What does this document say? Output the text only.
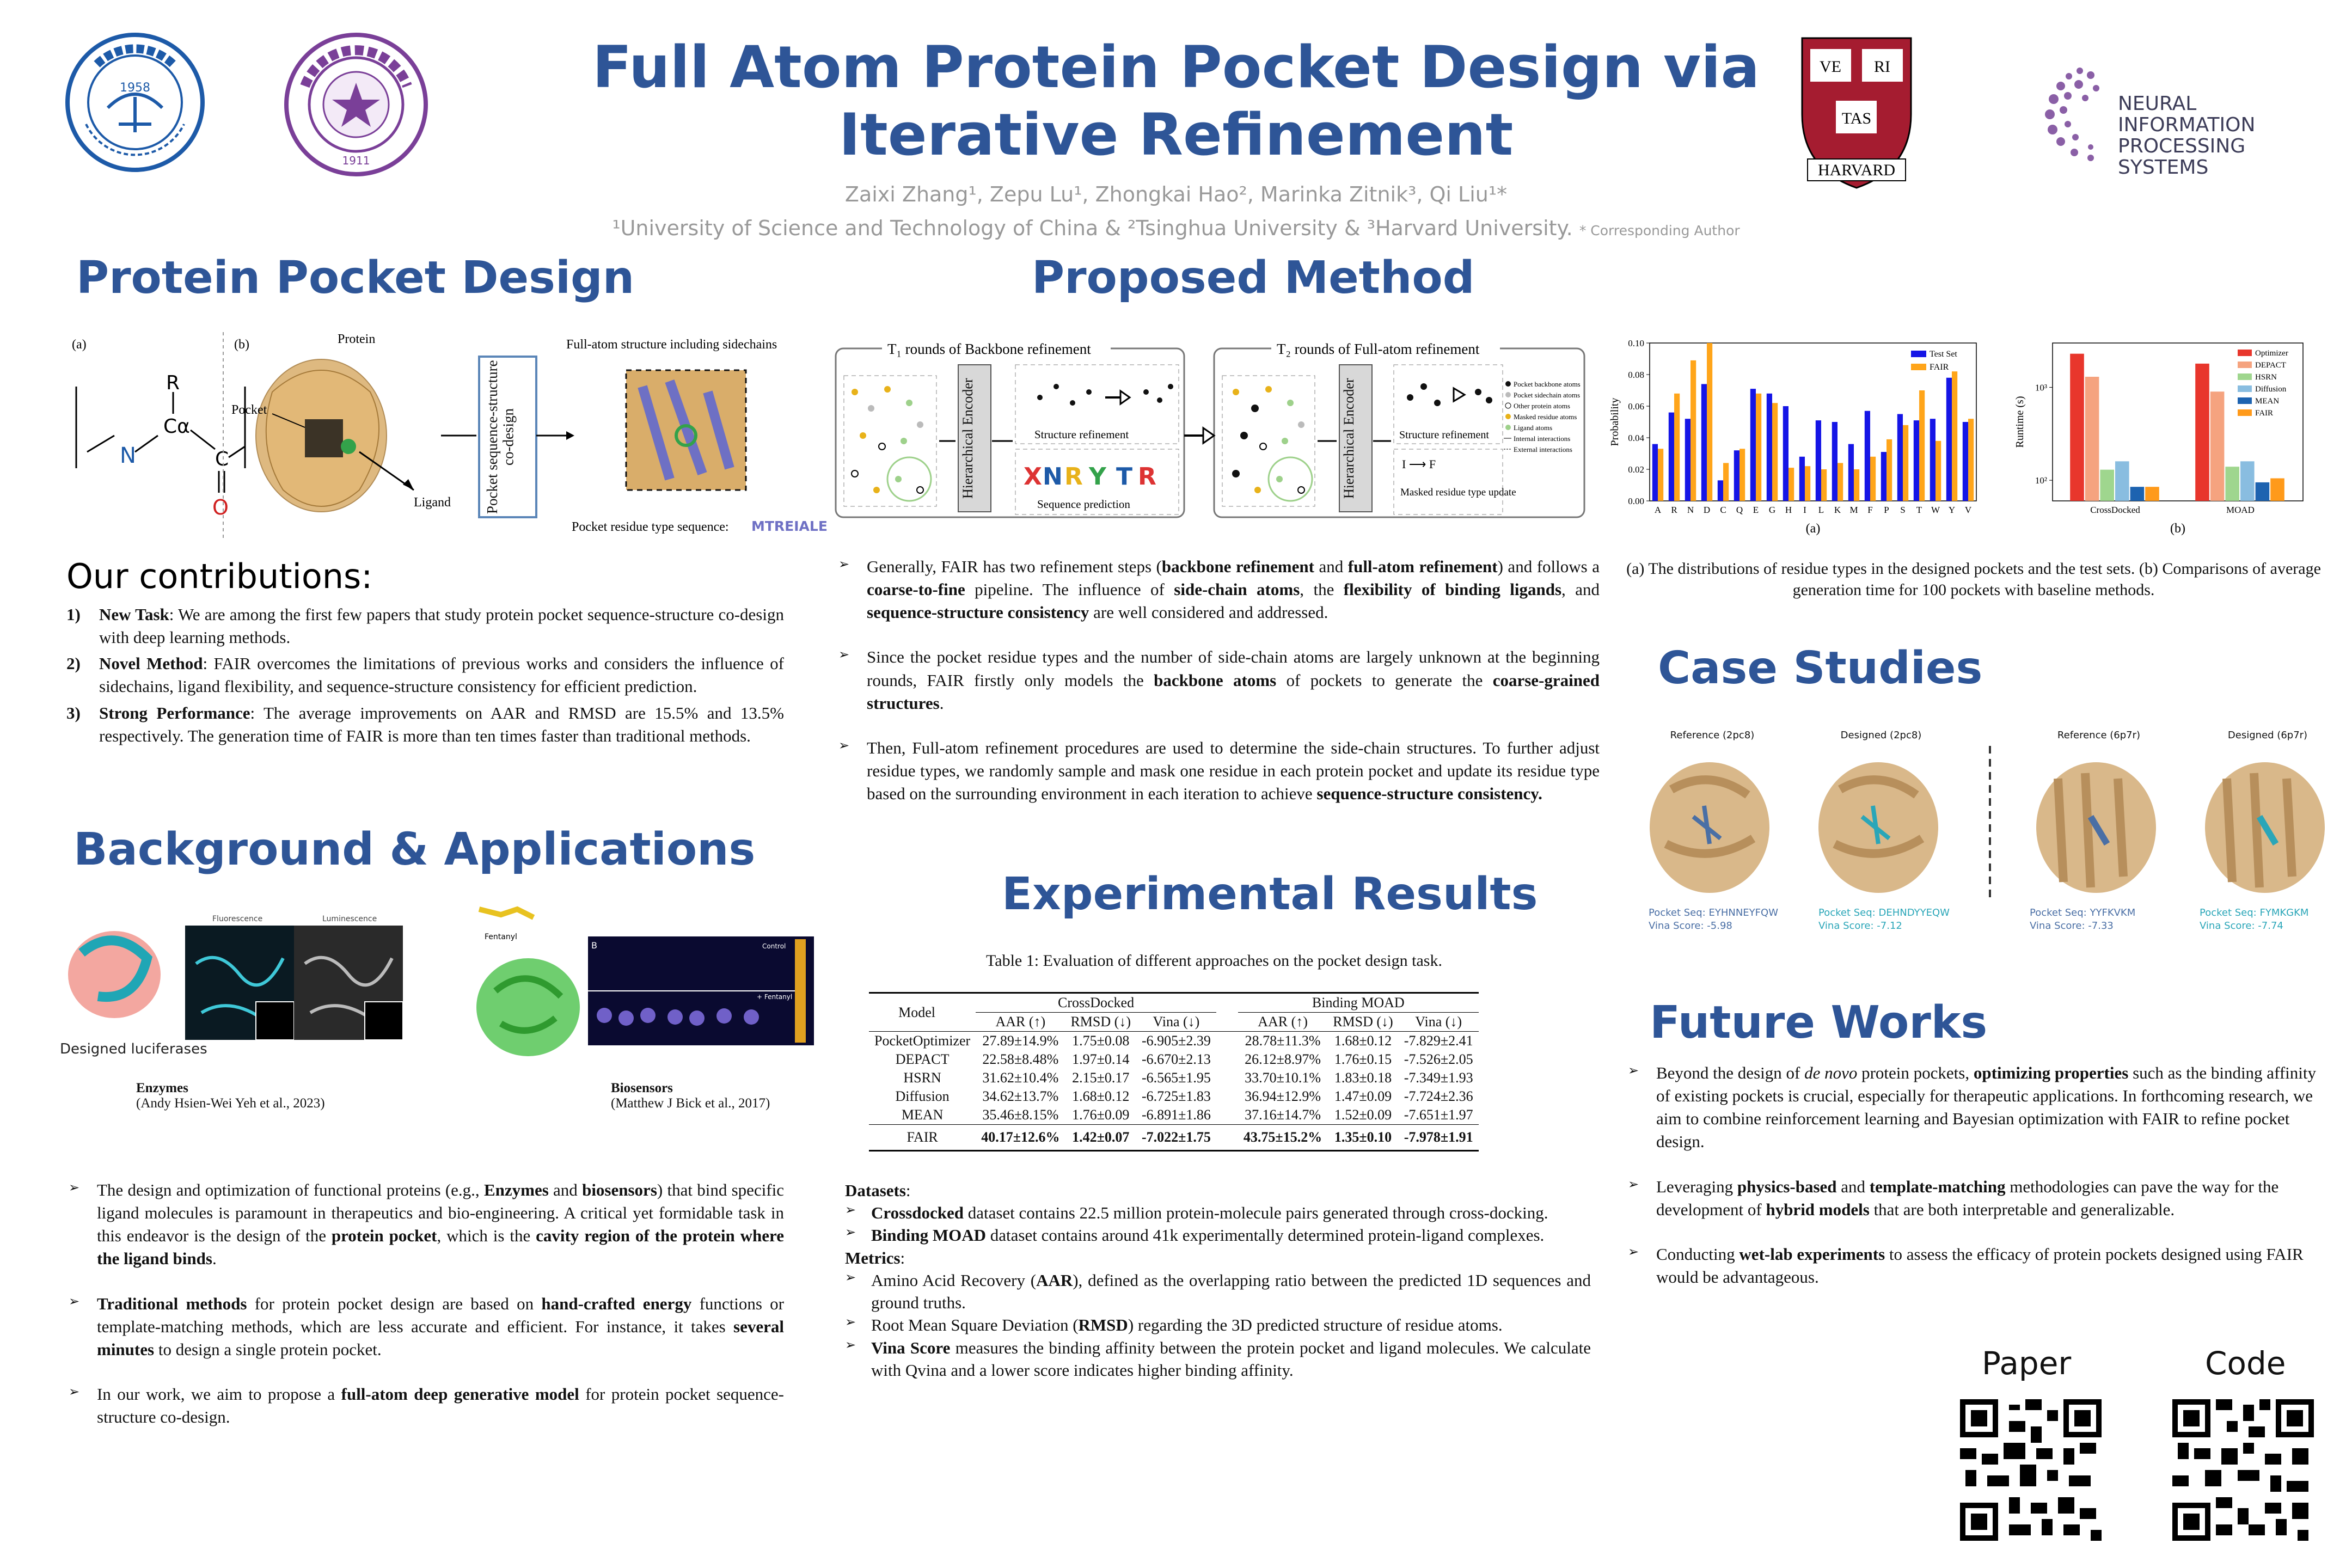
1958
1911
Full Atom Protein Pocket Design via
Iterative Refinement
Zaixi Zhang¹, Zepu Lu¹, Zhongkai Hao², Marinka Zitnik³, Qi Liu¹*
¹University of Science and Technology of China & ²Tsinghua University & ³Harvard University. * Corresponding Author
VE RI
TAS
HARVARD
NEURAL INFORMATION
PROCESSING SYSTEMS
Protein Pocket Design
(a)	(b)
N
Cα
R
C
O
Protein
Pocket
Ligand
Full-atom structure including sidechains
Pocket residue type sequence: MTREIALE
Pocket sequence-structure co-design
Our contributions:
1) New Task: We are among the first few papers that study protein pocket sequence-structure co-design with deep learning methods.
2) Novel Method: FAIR overcomes the limitations of previous works and considers the influence of sidechains, ligand flexibility, and sequence-structure consistency for efficient prediction.
3) Strong Performance: The average improvements on AAR and RMSD are 15.5% and 13.5% respectively. The generation time of FAIR is more than ten times faster than traditional methods.
Background & Applications
Fluorescence	Luminescence
Designed luciferases
Fentanyl
B	Control
+ Fentanyl
Enzymes
(Andy Hsien-Wei Yeh et al., 2023)
Biosensors
(Matthew J Bick et al., 2017)
➢ The design and optimization of functional proteins (e.g., Enzymes and biosensors) that bind specific ligand molecules is paramount in therapeutics and bio-engineering. A critical yet formidable task in this endeavor is the design of the protein pocket, which is the cavity region of the protein where the ligand binds.
➢ Traditional methods for protein pocket design are based on hand-crafted energy functions or template-matching methods, which are less accurate and efficient. For instance, it takes several minutes to design a single protein pocket.
➢ In our work, we aim to propose a full-atom deep generative model for protein pocket sequence-structure co-design.
Proposed Method
T₁ rounds of Backbone refinement	T₂ rounds of Full-atom refinement
Structure refinement
X N R Y T R
Sequence prediction
Structure refinement
I ⟶ F
Masked residue type update
Pocket backbone atoms
Pocket sidechain atoms
Other protein atoms
Masked residue atoms
Ligand atoms
Internal interactions
External interactions
Hierarchical Encoder	Hierarchical Encoder
➢ Generally, FAIR has two refinement steps (backbone refinement and full-atom refinement) and follows a coarse-to-fine pipeline. The influence of side-chain atoms, the flexibility of binding ligands, and sequence-structure consistency are well considered and addressed.
➢ Since the pocket residue types and the number of side-chain atoms are largely unknown at the beginning rounds, FAIR firstly only models the backbone atoms of pockets to generate the coarse-grained structures.
➢ Then, Full-atom refinement procedures are used to determine the side-chain structures. To further adjust residue types, we randomly sample and mask one residue in each protein pocket and update its residue type based on the surrounding environment in each iteration to achieve sequence-structure consistency.
Experimental Results
Table 1: Evaluation of different approaches on the pocket design task.
Model	CrossDocked				Binding MOAD		
	AAR (↑)	RMSD (↓)	Vina (↓)		AAR (↑)	RMSD (↓)	Vina (↓)
PocketOptimizer	27.89±14.9%	1.75±0.08	-6.905±2.39		28.78±11.3%	1.68±0.12	-7.829±2.41
DEPACT	22.58±8.48%	1.97±0.14	-6.670±2.13		26.12±8.97%	1.76±0.15	-7.526±2.05
HSRN	31.62±10.4%	2.15±0.17	-6.565±1.95		33.70±10.1%	1.83±0.18	-7.349±1.93
Diffusion	34.62±13.7%	1.68±0.12	-6.725±1.83		36.94±12.9%	1.47±0.09	-7.724±2.36
MEAN	35.46±8.15%	1.76±0.09	-6.891±1.86		37.16±14.7%	1.52±0.09	-7.651±1.97
FAIR	40.17±12.6%	1.42±0.07	-7.022±1.75		43.75±15.2%	1.35±0.10	-7.978±1.91
Datasets:
➢ Crossdocked dataset contains 22.5 million protein-molecule pairs generated through cross-docking.
➢ Binding MOAD dataset contains around 41k experimentally determined protein-ligand complexes.
Metrics:
➢ Amino Acid Recovery (AAR), defined as the overlapping ratio between the predicted 1D sequences and ground truths.
➢ Root Mean Square Deviation (RMSD) regarding the 3D predicted structure of residue atoms.
➢ Vina Score measures the binding affinity between the protein pocket and ligand molecules. We calculate with Qvina and a lower score indicates higher binding affinity.
0.00
0.02
0.04
0.06
0.08
0.10
Probability
A R N D C Q E G H I L K M F P S T W Y V
Test Set
FAIR
(a)
10²
10³
Runtime (s)
CrossDocked	MOAD
Optimizer
DEPACT
HSRN
Diffusion
MEAN
FAIR
(b)
(a) The distributions of residue types in the designed pockets and the test sets. (b) Comparisons of average generation time for 100 pockets with baseline methods.
Case Studies
Reference (2pc8)	Designed (2pc8)	Reference (6p7r)	Designed (6p7r)
Pocket Seq: EYHNNEYFQW
Vina Score: -5.98
Pocket Seq: DEHNDYYEQW
Vina Score: -7.12
Pocket Seq: YYFKVKM
Vina Score: -7.33
Pocket Seq: FYMKGKM
Vina Score: -7.74
Future Works
➢ Beyond the design of de novo protein pockets, optimizing properties such as the binding affinity of existing pockets is crucial, especially for therapeutic applications. In forthcoming research, we aim to combine reinforcement learning and Bayesian optimization with FAIR to refine pocket design.
➢ Leveraging physics-based and template-matching methodologies can pave the way for the development of hybrid models that are both interpretable and generalizable.
➢ Conducting wet-lab experiments to assess the efficacy of protein pockets designed using FAIR would be advantageous.
Paper	Code
